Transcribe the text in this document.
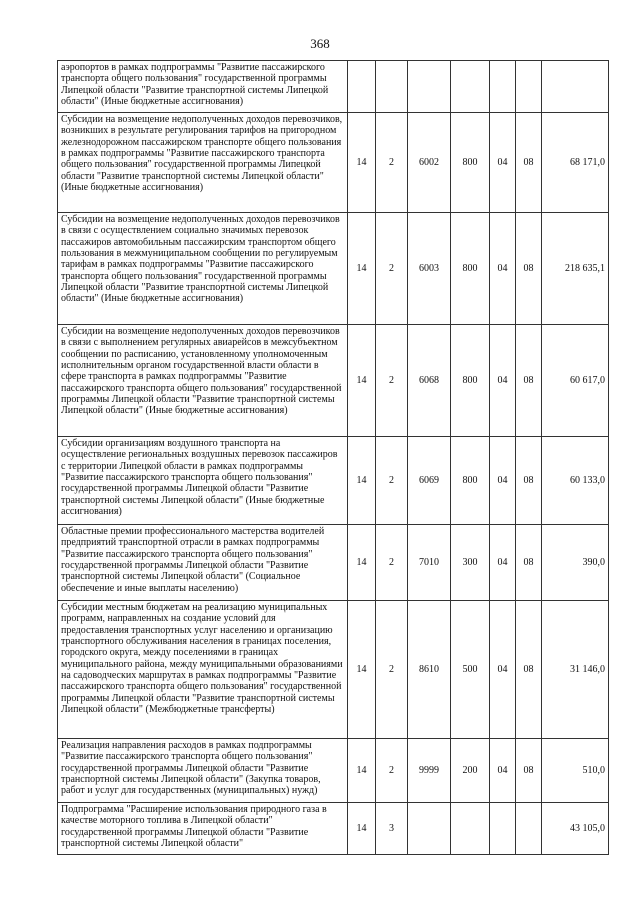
368
аэропортов в рамках подпрограммы "Развитие пассажирского транспорта общего пользования" государственной программы Липецкой области "Развитие транспортной системы Липецкой области" (Иные бюджетные ассигнования)							
Субсидии на возмещение недополученных доходов перевозчиков, возникших в результате регулирования тарифов на пригородном железнодорожном пассажирском транспорте общего пользования в рамках подпрограммы "Развитие пассажирского транспорта общего пользования" государственной программы Липецкой области "Развитие транспортной системы Липецкой области" (Иные бюджетные ассигнования)	14	2	6002	800	04	08	68 171,0
Субсидии на возмещение недополученных доходов перевозчиков в связи с осуществлением социально значимых перевозок пассажиров автомобильным пассажирским транспортом общего пользования в межмуниципальном сообщении по регулируемым тарифам в рамках подпрограммы "Развитие пассажирского транспорта общего пользования" государственной программы Липецкой области "Развитие транспортной системы Липецкой области" (Иные бюджетные ассигнования)	14	2	6003	800	04	08	218 635,1
Субсидии на возмещение недополученных доходов перевозчиков в связи с выполнением регулярных авиарейсов в межсубъектном сообщении по расписанию, установленному уполномоченным исполнительным органом государственной власти области в сфере транспорта в рамках подпрограммы "Развитие пассажирского транспорта общего пользования" государственной программы Липецкой области "Развитие транспортной системы Липецкой области" (Иные бюджетные ассигнования)	14	2	6068	800	04	08	60 617,0
Субсидии организациям воздушного транспорта на осуществление региональных воздушных перевозок пассажиров с территории Липецкой области в рамках подпрограммы "Развитие пассажирского транспорта общего пользования" государственной программы Липецкой области "Развитие транспортной системы Липецкой области" (Иные бюджетные ассигнования)	14	2	6069	800	04	08	60 133,0
Областные премии профессионального мастерства водителей предприятий транспортной отрасли в рамках подпрограммы "Развитие пассажирского транспорта общего пользования" государственной программы Липецкой области "Развитие транспортной системы Липецкой области" (Социальное обеспечение и иные выплаты населению)	14	2	7010	300	04	08	390,0
Субсидии местным бюджетам на реализацию муниципальных программ, направленных на создание условий для предоставления транспортных услуг населению и организацию транспортного обслуживания населения в границах поселения, городского округа, между поселениями в границах муниципального района, между муниципальными образованиями на садоводческих маршрутах в рамках подпрограммы "Развитие пассажирского транспорта общего пользования" государственной программы Липецкой области "Развитие транспортной системы Липецкой области" (Межбюджетные трансферты)	14	2	8610	500	04	08	31 146,0
Реализация направления расходов в рамках подпрограммы "Развитие пассажирского транспорта общего пользования" государственной программы Липецкой области "Развитие транспортной системы Липецкой области" (Закупка товаров, работ и услуг для государственных (муниципальных) нужд)	14	2	9999	200	04	08	510,0
Подпрограмма "Расширение использования природного газа в качестве моторного топлива в Липецкой области" государственной программы Липецкой области "Развитие транспортной системы Липецкой области"	14	3					43 105,0
